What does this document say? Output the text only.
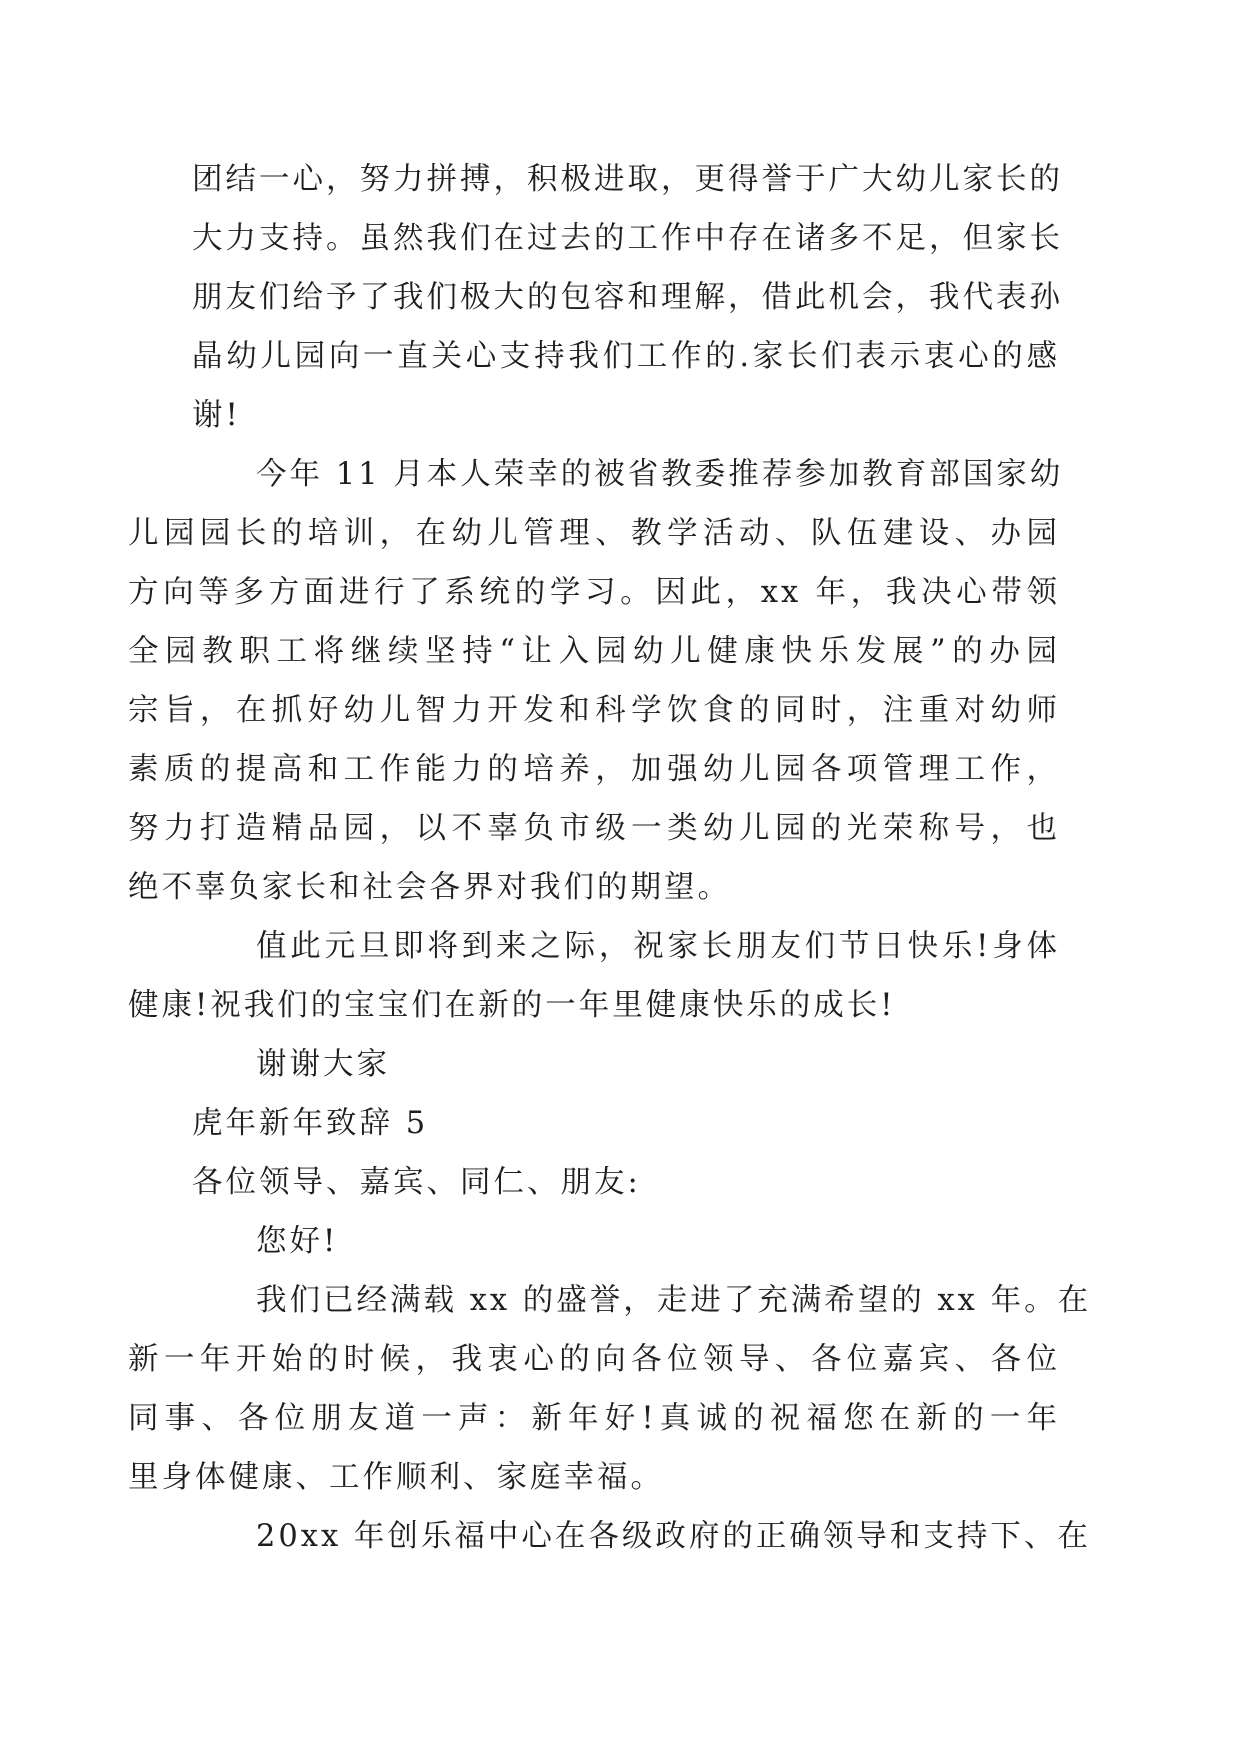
团结一心，努力拼搏，积极进取，更得誉于广大幼儿家长的
大力支持。虽然我们在过去的工作中存在诸多不足，但家长
朋友们给予了我们极大的包容和理解，借此机会，我代表孙
晶幼儿园向一直关心支持我们工作的.家长们表示衷心的感
谢!
今年 11 月本人荣幸的被省教委推荐参加教育部国家幼
儿园园长的培训，在幼儿管理、教学活动、队伍建设、办园
方向等多方面进行了系统的学习。因此，xx 年，我决心带领
全园教职工将继续坚持“让入园幼儿健康快乐发展”的办园
宗旨，在抓好幼儿智力开发和科学饮食的同时，注重对幼师
素质的提高和工作能力的培养，加强幼儿园各项管理工作，
努力打造精品园，以不辜负市级一类幼儿园的光荣称号，也
绝不辜负家长和社会各界对我们的期望。
值此元旦即将到来之际，祝家长朋友们节日快乐!身体
健康!祝我们的宝宝们在新的一年里健康快乐的成长!
谢谢大家
虎年新年致辞 5
各位领导、嘉宾、同仁、朋友:
您好!
我们已经满载 xx 的盛誉，走进了充满希望的 xx 年。在
新一年开始的时候，我衷心的向各位领导、各位嘉宾、各位
同事、各位朋友道一声：新年好!真诚的祝福您在新的一年
里身体健康、工作顺利、家庭幸福。
20xx 年创乐福中心在各级政府的正确领导和支持下、在
